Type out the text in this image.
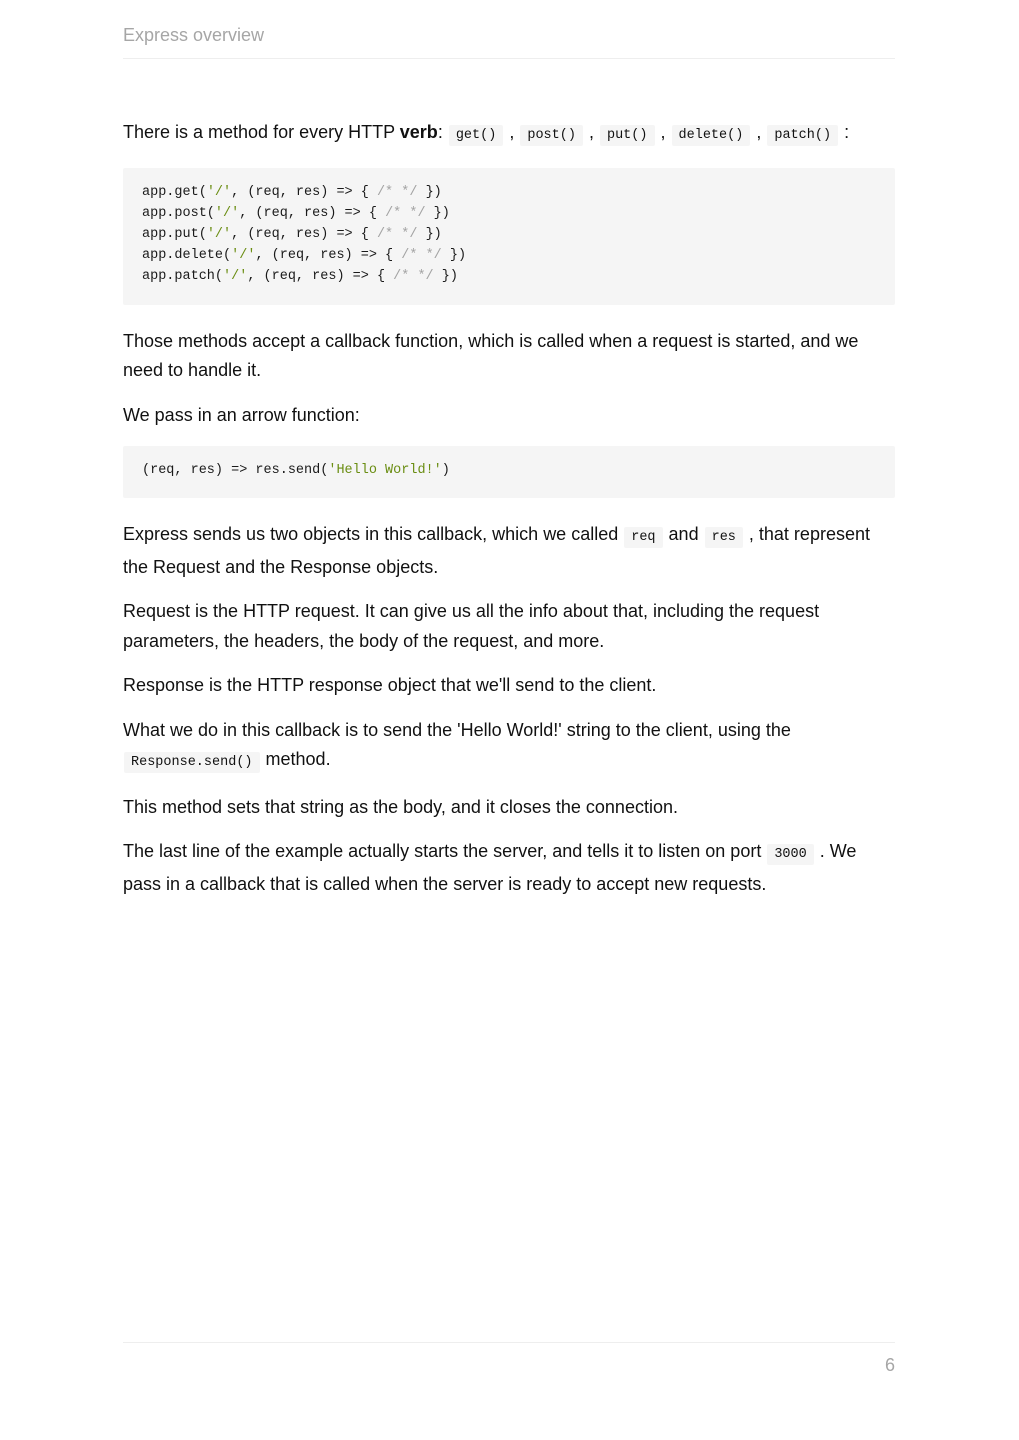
Express overview

There is a method for every HTTP verb: get() , post() , put() , delete() , patch() :

app.get('/', (req, res) => { /* */ })
app.post('/', (req, res) => { /* */ })
app.put('/', (req, res) => { /* */ })
app.delete('/', (req, res) => { /* */ })
app.patch('/', (req, res) => { /* */ })

Those methods accept a callback function, which is called when a request is started, and we need to handle it.

We pass in an arrow function:

(req, res) => res.send('Hello World!')

Express sends us two objects in this callback, which we called req and res , that represent the Request and the Response objects.

Request is the HTTP request. It can give us all the info about that, including the request parameters, the headers, the body of the request, and more.

Response is the HTTP response object that we'll send to the client.

What we do in this callback is to send the 'Hello World!' string to the client, using the Response.send() method.

This method sets that string as the body, and it closes the connection.

The last line of the example actually starts the server, and tells it to listen on port 3000 . We pass in a callback that is called when the server is ready to accept new requests.

6
